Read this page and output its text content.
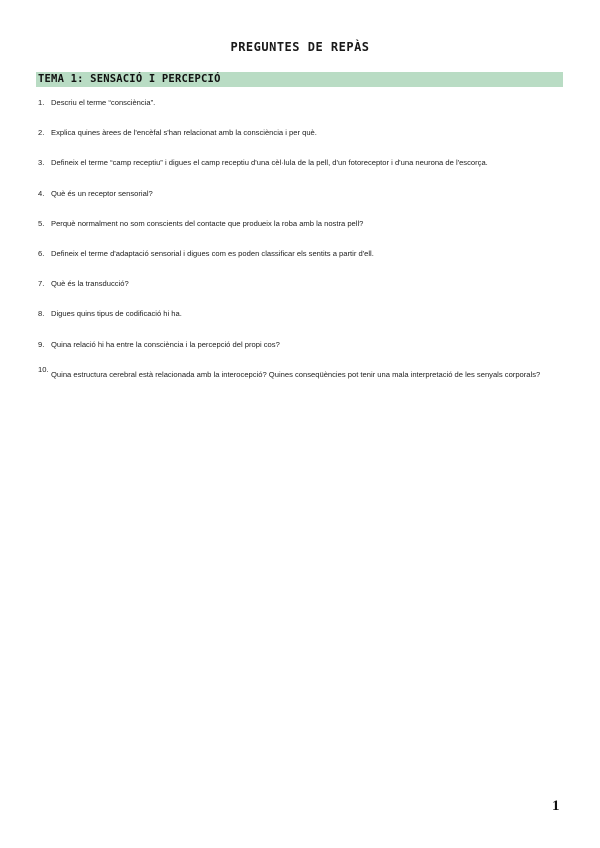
PREGUNTES DE REPÀS
TEMA 1: SENSACIÓ I PERCEPCIÓ
1. Descriu el terme “consciència”.
2. Explica quines àrees de l'encèfal s'han relacionat amb la consciència i per què.
3. Defineix el terme “camp receptiu” i digues el camp receptiu d'una cèl·lula de la pell, d'un fotoreceptor i d'una neurona de l'escorça.
4. Què és un receptor sensorial?
5. Perquè normalment no som conscients del contacte que produeix la roba amb la nostra pell?
6. Defineix el terme d'adaptació sensorial i digues com es poden classificar els sentits a partir d'ell.
7. Què és la transducció?
8. Digues quins tipus de codificació hi ha.
9. Quina relació hi ha entre la consciència i la percepció del propi cos?
10.
Quina estructura cerebral està relacionada amb la interocepció? Quines conseqüències pot tenir una mala interpretació de les senyals corporals?
1
